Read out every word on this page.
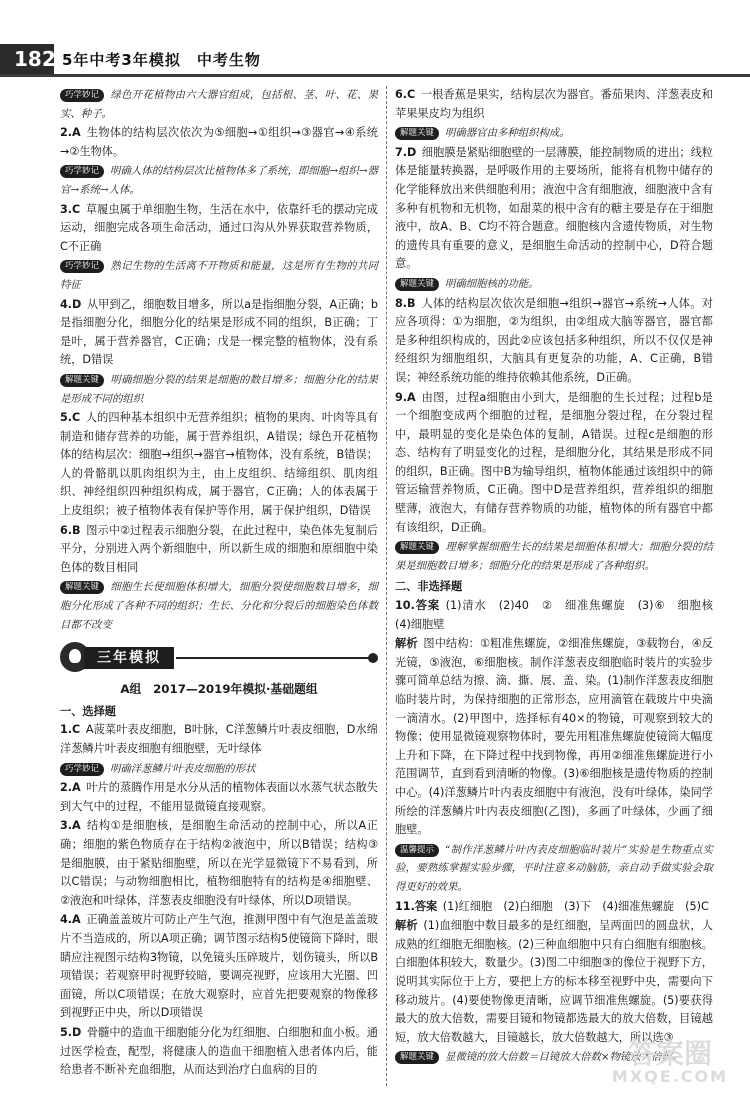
182 5年中考3年模拟　中考生物
巧学妙记 绿色开花植物由六大器官组成，包括根、茎、叶、花、果实、种子。
2.A  生物体的结构层次依次为⑤细胞→①组织→③器官→④系统→②生物体。
巧学妙记 明确人体的结构层次比植物体多了系统，即细胞→组织→器官→系统→人体。
3.C  草履虫属于单细胞生物，生活在水中，依靠纤毛的摆动完成运动，细胞完成各项生命活动，通过口沟从外界获取营养物质，C不正确
巧学妙记 熟记生物的生活离不开物质和能量，这是所有生物的共同特征
4.D  从甲到乙，细胞数目增多，所以a是指细胞分裂，A正确；b是指细胞分化，细胞分化的结果是形成不同的组织，B正确；丁是叶，属于营养器官，C正确；戊是一棵完整的植物体，没有系统，D错误
解题关键 明确细胞分裂的结果是细胞的数目增多；细胞分化的结果是形成不同的组织
5.C  人的四种基本组织中无营养组织；植物的果肉、叶肉等具有制造和储存营养的功能，属于营养组织，A错误；绿色开花植物体的结构层次：细胞→组织→器官→植物体，没有系统，B错误；人的骨骼肌以肌肉组织为主，由上皮组织、结缔组织、肌肉组织、神经组织四种组织构成，属于器官，C正确；人的体表属于上皮组织；被子植物体表有保护等作用，属于保护组织，D错误
6.B  图示中②过程表示细胞分裂，在此过程中，染色体先复制后平分，分别进入两个新细胞中，所以新生成的细胞和原细胞中染色体的数目相同
解题关键 细胞生长使细胞体积增大，细胞分裂使细胞数目增多，细胞分化形成了各种不同的组织；生长、分化和分裂后的细胞染色体数目都不改变
三年模拟
A组　2017—2019年模拟·基础题组
一、选择题
1.C  A菠菜叶表皮细胞，B叶脉，C洋葱鳞片叶表皮细胞，D水绵洋葱鳞片叶表皮细胞有细胞壁，无叶绿体
巧学妙记 明确洋葱鳞片叶表皮细胞的形状
2.A  叶片的蒸腾作用是水分从活的植物体表面以水蒸气状态散失到大气中的过程，不能用显微镜直接观察。
3.A  结构①是细胞核，是细胞生命活动的控制中心，所以A正确；细胞的紫色物质存在于结构②液泡中，所以B错误；结构③是细胞膜，由于紧贴细胞壁，所以在光学显微镜下不易看到，所以C错误；与动物细胞相比，植物细胞特有的结构是④细胞壁、②液泡和叶绿体，洋葱表皮细胞没有叶绿体，所以D项错误。
4.A  正确盖盖玻片可防止产生气泡，推测甲图中有气泡是盖盖玻片不当造成的，所以A项正确；调节图示结构5使镜筒下降时，眼睛应注视图示结构3物镜，以免镜头压碎玻片，划伤镜头，所以B项错误；若观察甲时视野较暗，要调亮视野，应该用大光圈、凹面镜，所以C项错误；在放大观察时，应首先把要观察的物像移到视野正中央，所以D项错误
5.D  骨髓中的造血干细胞能分化为红细胞、白细胞和血小板。通过医学检查，配型，将健康人的造血干细胞植入患者体内后，能给患者不断补充血细胞，从而达到治疗白血病的目的
6.C  一根香蕉是果实，结构层次为器官。番茄果肉、洋葱表皮和苹果果皮均为组织
解题关键 明确器官由多种组织构成。
7.D  细胞膜是紧贴细胞壁的一层薄膜，能控制物质的进出；线粒体是能量转换器，是呼吸作用的主要场所，能将有机物中储存的化学能释放出来供细胞利用；液泡中含有细胞液，细胞液中含有多种有机物和无机物，如甜菜的根中含有的糖主要是存在于细胞液中，故A、B、C均不符合题意。细胞核内含遗传物质，对生物的遗传具有重要的意义，是细胞生命活动的控制中心，D符合题意。
解题关键 明确细胞核的功能。
8.B  人体的结构层次依次是细胞→组织→器官→系统→人体。对应各项得：①为细胞，②为组织，由②组成大脑等器官，器官都是多种组织构成的，因此②应该包括多种组织，所以不仅仅是神经组织为细胞组织，大脑具有更复杂的功能，A、C正确，B错误；神经系统功能的维持依赖其他系统，D正确。
9.A  由图，过程a细胞由小到大，是细胞的生长过程；过程b是一个细胞变成两个细胞的过程，是细胞分裂过程，在分裂过程中，最明显的变化是染色体的复制，A错误。过程c是细胞的形态、结构有了明显变化的过程，是细胞分化，其结果是形成不同的组织，B正确。图中B为输导组织，植物体能通过该组织中的筛管运输营养物质，C正确。图中D是营养组织，营养组织的细胞壁薄，液泡大，有储存营养物质的功能，植物体的所有器官中都有该组织，D正确。
解题关键 理解掌握细胞生长的结果是细胞体积增大；细胞分裂的结果是细胞数目增多；细胞分化的结果是形成了各种组织。
二、非选择题
10.答案  (1)清水　(2)40　②　细准焦螺旋　(3)⑥　细胞核　(4)细胞壁
解析  图中结构：①粗准焦螺旋，②细准焦螺旋，③载物台，④反光镜，⑤液泡，⑥细胞核。制作洋葱表皮细胞临时装片的实验步骤可简单总结为擦、滴、撕、展、盖、染。(1)制作洋葱表皮细胞临时装片时，为保持细胞的正常形态，应用滴管在载玻片中央滴一滴清水。(2)甲图中，选择标有40×的物镜，可观察到较大的物像；使用显微镜观察物体时，要先用粗准焦螺旋使镜筒大幅度上升和下降，在下降过程中找到物像，再用②细准焦螺旋进行小范围调节，直到看到清晰的物像。(3)⑥细胞核是遗传物质的控制中心。(4)洋葱鳞片叶内表皮细胞中有液泡，没有叶绿体，染同学所绘的洋葱鳞片叶内表皮细胞(乙图)，多画了叶绿体，少画了细胞壁。
温馨提示 “制作洋葱鳞片叶内表皮细胞临时装片”实验是生物重点实验，要熟练掌握实验步骤，平时注意多动脑筋，亲自动手做实验会取得更好的效果。
11.答案  (1)红细胞　(2)白细胞　(3)下　(4)细准焦螺旋　(5)C
解析  (1)血细胞中数目最多的是红细胞，呈两面凹的圆盘状，人成熟的红细胞无细胞核。(2)三种血细胞中只有白细胞有细胞核。白细胞体积较大，数量少。(3)图二中细胞③的像位于视野下方，说明其实际位于上方，要把上方的标本移至视野中央，需要向下移动玻片。(4)要使物像更清晰，应调节细准焦螺旋。(5)要获得最大的放大倍数，需要目镜和物镜都选最大的放大倍数，目镜越短，放大倍数越大，目镜越长，放大倍数越大，所以选③
解题关键 显微镜的放大倍数＝目镜放大倍数×物镜放大倍数。
答案圈
MXQE.COM
